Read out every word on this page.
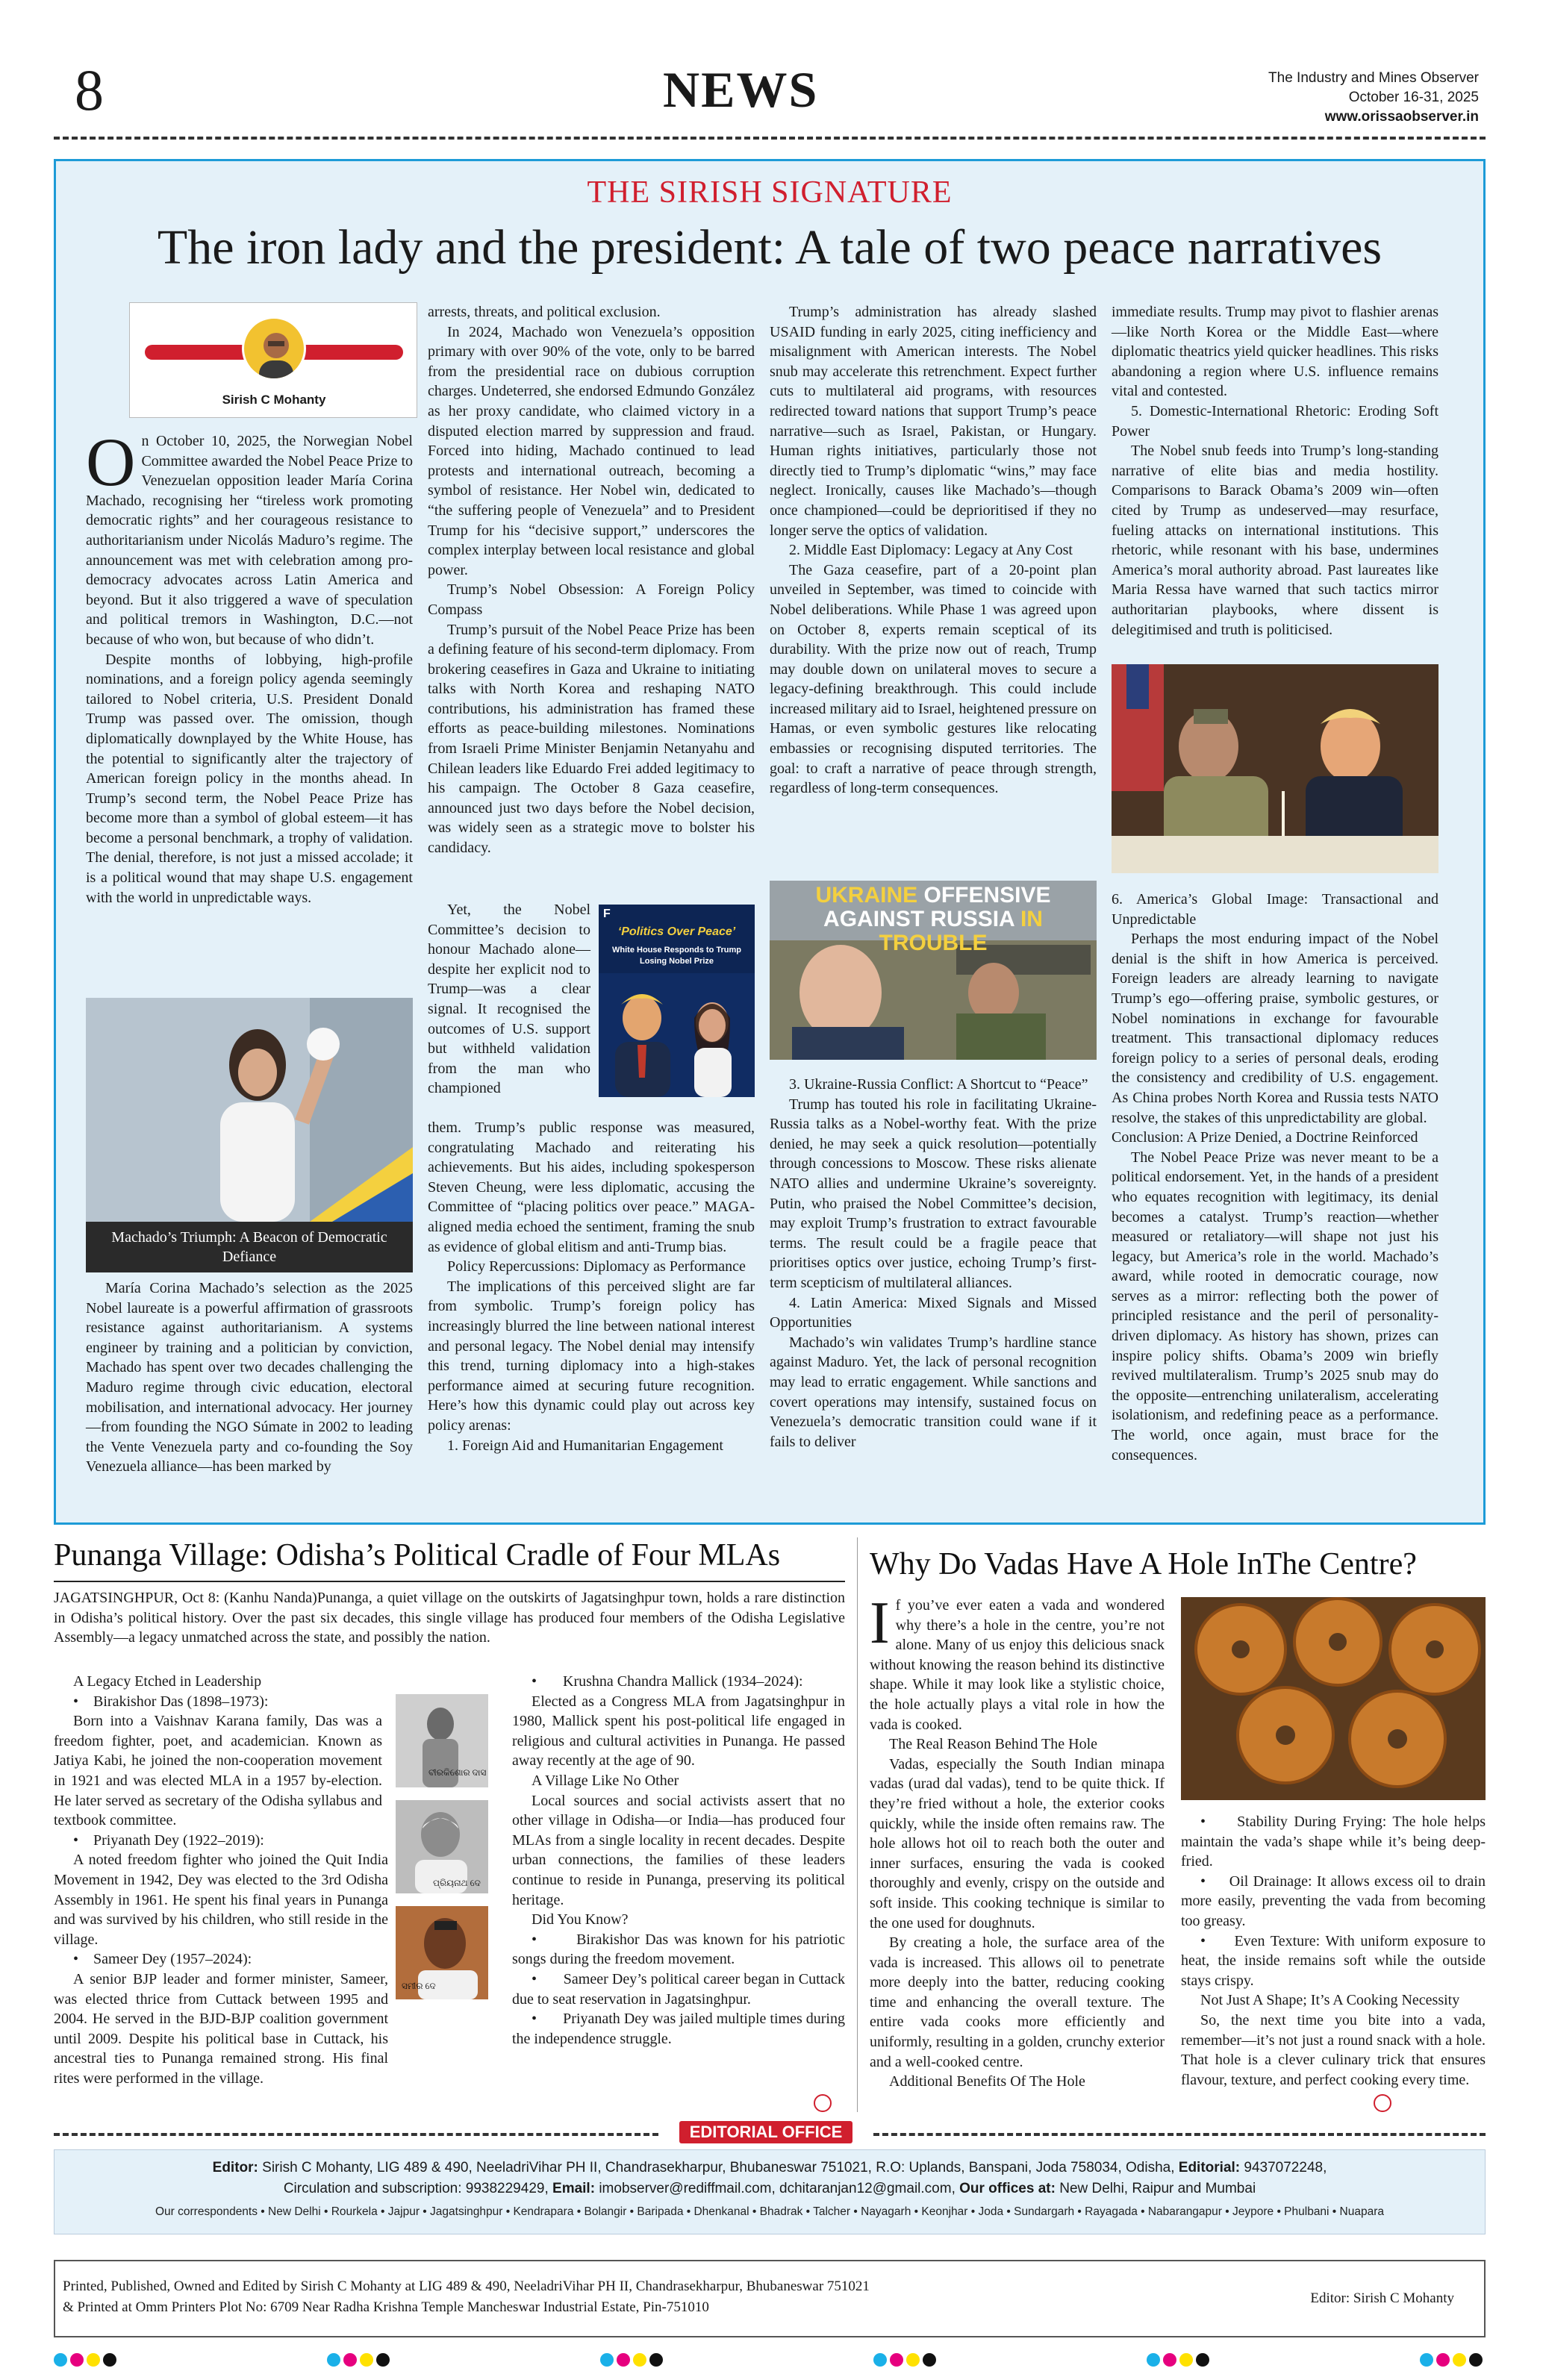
8	NEWS	The Industry and Mines Observer
October 16-31, 2025
www.orissaobserver.in
THE SIRISH SIGNATURE
The iron lady and the president: A tale of two peace narratives
Sirish C Mohanty

On October 10, 2025, the Norwegian Nobel Committee awarded the Nobel Peace Prize to Venezuelan opposition leader María Corina Machado, recognising her “tireless work promoting democratic rights” and her courageous resistance to authoritarianism under Nicolás Maduro’s regime. The announcement was met with celebration among pro-democracy advocates across Latin America and beyond. But it also triggered a wave of speculation and political tremors in Washington, D.C.—not because of who won, but because of who didn’t.

Despite months of lobbying, high-profile nominations, and a foreign policy agenda seemingly tailored to Nobel criteria, U.S. President Donald Trump was passed over. The omission, though diplomatically downplayed by the White House, has the potential to significantly alter the trajectory of American foreign policy in the months ahead. In Trump’s second term, the Nobel Peace Prize has become more than a symbol of global esteem—it has become a personal benchmark, a trophy of validation. The denial, therefore, is not just a missed accolade; it is a political wound that may shape U.S. engagement with the world in unpredictable ways.

Machado’s Triumph: A Beacon of Democratic Defiance

María Corina Machado’s selection as the 2025 Nobel laureate is a powerful affirmation of grassroots resistance against authoritarianism. A systems engineer by training and a politician by conviction, Machado has spent over two decades challenging the Maduro regime through civic education, electoral mobilisation, and international advocacy. Her journey—from founding the NGO Súmate in 2002 to leading the Vente Venezuela party and co-founding the Soy Venezuela alliance—has been marked by

arrests, threats, and political exclusion.

In 2024, Machado won Venezuela’s opposition primary with over 90% of the vote, only to be barred from the presidential race on dubious corruption charges. Undeterred, she endorsed Edmundo González as her proxy candidate, who claimed victory in a disputed election marred by suppression and fraud. Forced into hiding, Machado continued to lead protests and international outreach, becoming a symbol of resistance. Her Nobel win, dedicated to “the suffering people of Venezuela” and to President Trump for his “decisive support,” underscores the complex interplay between local resistance and global power.

Trump’s Nobel Obsession: A Foreign Policy Compass

Trump’s pursuit of the Nobel Peace Prize has been a defining feature of his second-term diplomacy. From brokering ceasefires in Gaza and Ukraine to initiating talks with North Korea and reshaping NATO contributions, his administration has framed these efforts as peace-building milestones. Nominations from Israeli Prime Minister Benjamin Netanyahu and Chilean leaders like Eduardo Frei added legitimacy to his campaign. The October 8 Gaza ceasefire, announced just two days before the Nobel decision, was widely seen as a strategic move to bolster his candidacy.

Yet, the Nobel Committee’s decision to honour Machado alone—despite her explicit nod to Trump—was a clear signal. It recognised the outcomes of U.S. support but withheld validation from the man who championed

F
‘Politics Over Peace’
White House Responds to Trump Losing Nobel Prize

them. Trump’s public response was measured, congratulating Machado and reiterating his achievements. But his aides, including spokesperson Steven Cheung, were less diplomatic, accusing the Committee of “placing politics over peace.” MAGA-aligned media echoed the sentiment, framing the snub as evidence of global elitism and anti-Trump bias.

Policy Repercussions: Diplomacy as Performance

The implications of this perceived slight are far from symbolic. Trump’s foreign policy has increasingly blurred the line between national interest and personal legacy. The Nobel denial may intensify this trend, turning diplomacy into a high-stakes performance aimed at securing future recognition. Here’s how this dynamic could play out across key policy arenas:

1. Foreign Aid and Humanitarian Engagement

Trump’s administration has already slashed USAID funding in early 2025, citing inefficiency and misalignment with American interests. The Nobel snub may accelerate this retrenchment. Expect further cuts to multilateral aid programs, with resources redirected toward nations that support Trump’s peace narrative—such as Israel, Pakistan, or Hungary. Human rights initiatives, particularly those not directly tied to Trump’s diplomatic “wins,” may face neglect. Ironically, causes like Machado’s—though once championed—could be deprioritised if they no longer serve the optics of validation.

2. Middle East Diplomacy: Legacy at Any Cost

The Gaza ceasefire, part of a 20-point plan unveiled in September, was timed to coincide with Nobel deliberations. While Phase 1 was agreed upon on October 8, experts remain sceptical of its durability. With the prize now out of reach, Trump may double down on unilateral moves to secure a legacy-defining breakthrough. This could include increased military aid to Israel, heightened pressure on Hamas, or even symbolic gestures like relocating embassies or recognising disputed territories. The goal: to craft a narrative of peace through strength, regardless of long-term consequences.

UKRAINE OFFENSIVE
AGAINST RUSSIA IN TROUBLE

3. Ukraine-Russia Conflict: A Shortcut to “Peace”

Trump has touted his role in facilitating Ukraine-Russia talks as a Nobel-worthy feat. With the prize denied, he may seek a quick resolution—potentially through concessions to Moscow. These risks alienate NATO allies and undermine Ukraine’s sovereignty. Putin, who praised the Nobel Committee’s decision, may exploit Trump’s frustration to extract favourable terms. The result could be a fragile peace that prioritises optics over justice, echoing Trump’s first-term scepticism of multilateral alliances.

4. Latin America: Mixed Signals and Missed Opportunities

Machado’s win validates Trump’s hardline stance against Maduro. Yet, the lack of personal recognition may lead to erratic engagement. While sanctions and covert operations may intensify, sustained focus on Venezuela’s democratic transition could wane if it fails to deliver

immediate results. Trump may pivot to flashier arenas—like North Korea or the Middle East—where diplomatic theatrics yield quicker headlines. This risks abandoning a region where U.S. influence remains vital and contested.

5. Domestic-International Rhetoric: Eroding Soft Power

The Nobel snub feeds into Trump’s long-standing narrative of elite bias and media hostility. Comparisons to Barack Obama’s 2009 win—often cited by Trump as undeserved—may resurface, fueling attacks on international institutions. This rhetoric, while resonant with his base, undermines America’s moral authority abroad. Past laureates like Maria Ressa have warned that such tactics mirror authoritarian playbooks, where dissent is delegitimised and truth is politicised.

6. America’s Global Image: Transactional and Unpredictable

Perhaps the most enduring impact of the Nobel denial is the shift in how America is perceived. Foreign leaders are already learning to navigate Trump’s ego—offering praise, symbolic gestures, or Nobel nominations in exchange for favourable treatment. This transactional diplomacy reduces foreign policy to a series of personal deals, eroding the consistency and credibility of U.S. engagement. As China probes North Korea and Russia tests NATO resolve, the stakes of this unpredictability are global.

Conclusion: A Prize Denied, a Doctrine Reinforced

The Nobel Peace Prize was never meant to be a political endorsement. Yet, in the hands of a president who equates recognition with legitimacy, its denial becomes a catalyst. Trump’s reaction—whether measured or retaliatory—will shape not just his legacy, but America’s role in the world. Machado’s award, while rooted in democratic courage, now serves as a mirror: reflecting both the power of principled resistance and the peril of personality-driven diplomacy. As history has shown, prizes can inspire policy shifts. Obama’s 2009 win briefly revived multilateralism. Trump’s 2025 snub may do the opposite—entrenching unilateralism, accelerating isolationism, and redefining peace as a performance. The world, once again, must brace for the consequences.

Punanga Village: Odisha’s Political Cradle of Four MLAs
JAGATSINGHPUR, Oct 8: (Kanhu Nanda)Punanga, a quiet village on the outskirts of Jagatsinghpur town, holds a rare distinction in Odisha’s political history. Over the past six decades, this single village has produced four members of the Odisha Legislative Assembly—a legacy unmatched across the state, and possibly the nation.

A Legacy Etched in Leadership

•    Birakishor Das (1898–1973):

Born into a Vaishnav Karana family, Das was a freedom fighter, poet, and academician. Known as Jatiya Kabi, he joined the non-cooperation movement in 1921 and was elected MLA in a 1957 by-election. He later served as secretary of the Odisha syllabus and textbook committee.

•    Priyanath Dey (1922–2019):

A noted freedom fighter who joined the Quit India Movement in 1942, Dey was elected to the 3rd Odisha Assembly in 1961. He spent his final years in Punanga and was survived by his children, who still reside in the village.

•    Sameer Dey (1957–2024):

A senior BJP leader and former minister, Sameer, was elected thrice from Cuttack between 1995 and 2004. He served in the BJD-BJP coalition government until 2009. Despite his political base in Cuttack, his ancestral ties to Punanga remained strong. His final rites were performed in the village.

ବୀରକିଶୋର ଦାସ
ପ୍ରିୟନାଥ ଦେ
ସମୀର ଦେ

•       Krushna Chandra Mallick (1934–2024):

Elected as a Congress MLA from Jagatsinghpur in 1980, Mallick spent his post-political life engaged in religious and cultural activities in Punanga. He passed away recently at the age of 90.

A Village Like No Other

Local sources and social activists assert that no other village in Odisha—or India—has produced four MLAs from a single locality in recent decades. Despite urban connections, the families of these leaders continue to reside in Punanga, preserving its political heritage.

Did You Know?

•       Birakishor Das was known for his patriotic songs during the freedom movement.

•       Sameer Dey’s political career began in Cuttack due to seat reservation in Jagatsinghpur.

•       Priyanath Dey was jailed multiple times during the independence struggle.

Why Do Vadas Have A Hole InThe Centre?

If you’ve ever eaten a vada and wondered why there’s a hole in the centre, you’re not alone. Many of us enjoy this delicious snack without knowing the reason behind its distinctive shape. While it may look like a stylistic choice, the hole actually plays a vital role in how the vada is cooked.

The Real Reason Behind The Hole

Vadas, especially the South Indian minapa vadas (urad dal vadas), tend to be quite thick. If they’re fried without a hole, the exterior cooks quickly, while the inside often remains raw. The hole allows hot oil to reach both the outer and inner surfaces, ensuring the vada is cooked thoroughly and evenly, crispy on the outside and soft inside. This cooking technique is similar to the one used for doughnuts.

By creating a hole, the surface area of the vada is increased. This allows oil to penetrate more deeply into the batter, reducing cooking time and enhancing the overall texture. The entire vada cooks more efficiently and uniformly, resulting in a golden, crunchy exterior and a well-cooked centre.

Additional Benefits Of The Hole

•     Stability During Frying: The hole helps maintain the vada’s shape while it’s being deep-fried.

•     Oil Drainage: It allows excess oil to drain more easily, preventing the vada from becoming too greasy.

•     Even Texture: With uniform exposure to heat, the inside remains soft while the outside stays crispy.

Not Just A Shape; It’s A Cooking Necessity

So, the next time you bite into a vada, remember—it’s not just a round snack with a hole. That hole is a clever culinary trick that ensures flavour, texture, and perfect cooking every time.

EDITORIAL OFFICE
Editor: Sirish C Mohanty, LIG 489 & 490, NeeladriVihar PH II, Chandrasekharpur, Bhubaneswar 751021, R.O: Uplands, Banspani, Joda 758034, Odisha, Editorial: 9437072248,
Circulation and subscription: 9938229429, Email: imobserver@rediffmail.com, dchitaranjan12@gmail.com, Our offices at: New Delhi, Raipur and Mumbai
Our correspondents • New Delhi • Rourkela • Jajpur • Jagatsinghpur • Kendrapara • Bolangir • Baripada • Dhenkanal • Bhadrak • Talcher • Nayagarh • Keonjhar • Joda • Sundargarh • Rayagada • Nabarangapur • Jeypore • Phulbani • Nuapara
Printed, Published, Owned and Edited by Sirish C Mohanty at LIG 489 & 490, NeeladriVihar PH II, Chandrasekharpur, Bhubaneswar 751021
& Printed at Omm Printers Plot No: 6709 Near Radha Krishna Temple Mancheswar Industrial Estate, Pin-751010
Editor: Sirish C Mohanty
